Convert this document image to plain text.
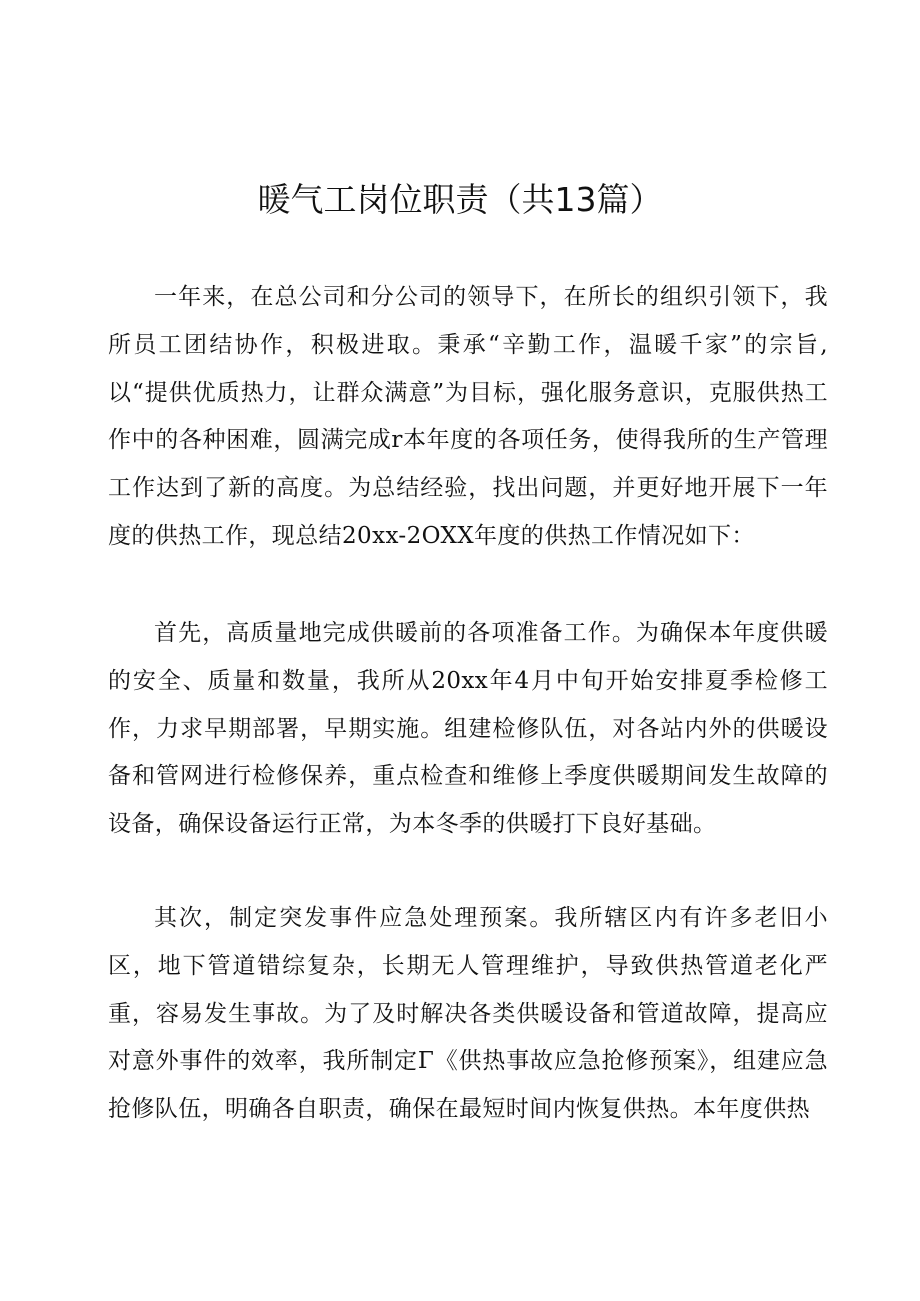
暖气工岗位职责（共13篇）

一年来，在总公司和分公司的领导下，在所长的组织引领下，我所员工团结协作，积极进取。秉承“辛勤工作，温暖千家”的宗旨,以“提供优质热力，让群众满意”为目标，强化服务意识，克服供热工作中的各种困难，圆满完成r本年度的各项任务，使得我所的生产管理工作达到了新的高度。为总结经验，找出问题，并更好地开展下一年度的供热工作，现总结20xx-2OXX年度的供热工作情况如下：

首先，高质量地完成供暖前的各项准备工作。为确保本年度供暖的安全、质量和数量，我所从20xx年4月中旬开始安排夏季检修工作，力求早期部署，早期实施。组建检修队伍，对各站内外的供暖设备和管网进行检修保养，重点检查和维修上季度供暖期间发生故障的设备，确保设备运行正常，为本冬季的供暖打下良好基础。

其次，制定突发事件应急处理预案。我所辖区内有许多老旧小区，地下管道错综复杂，长期无人管理维护，导致供热管道老化严重，容易发生事故。为了及时解决各类供暖设备和管道故障，提高应对意外事件的效率，我所制定Γ《供热事故应急抢修预案》，组建应急抢修队伍，明确各自职责，确保在最短时间内恢复供热。本年度供热
